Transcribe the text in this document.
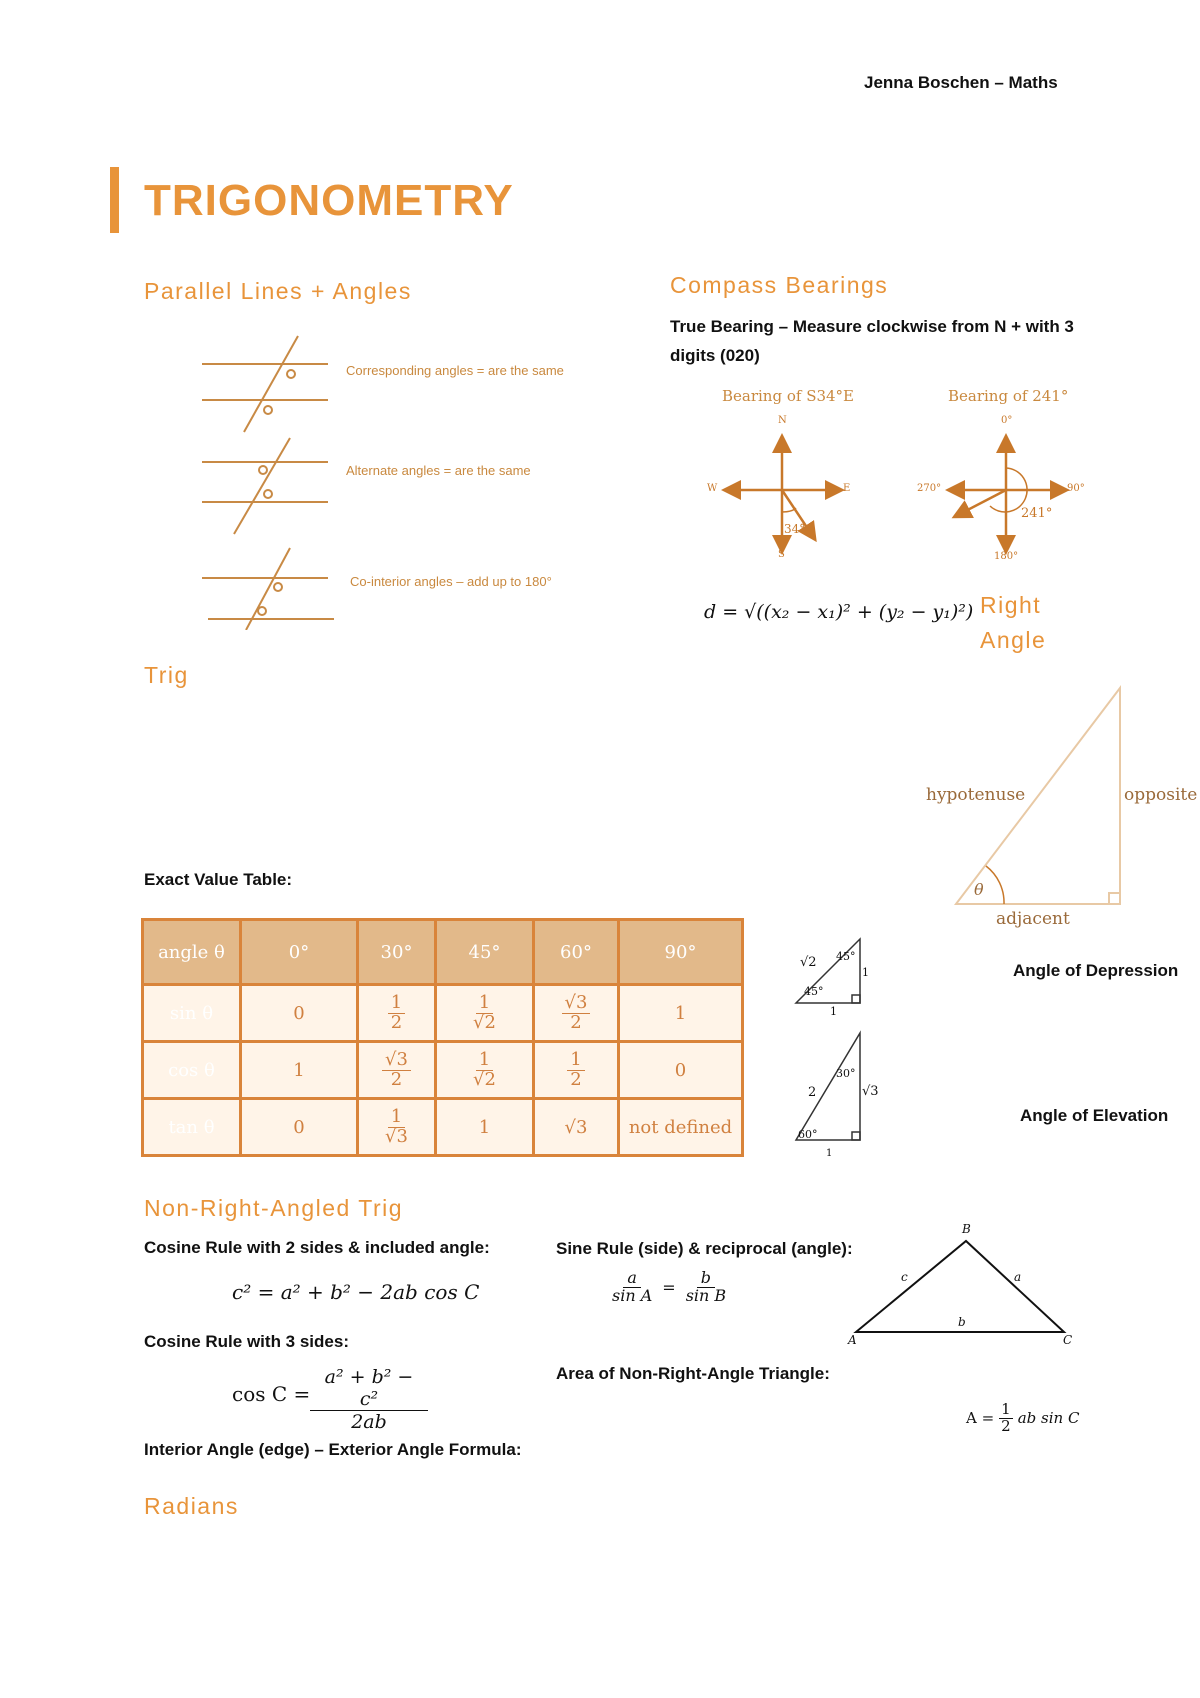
Jenna Boschen – Maths
TRIGONOMETRY
Parallel Lines + Angles
Corresponding angles = are the same
Alternate angles = are the same
Co-interior angles – add up to 180°
Trig
Compass Bearings
True Bearing – Measure clockwise from N + with 3 digits (020)
Bearing of S34°E	Bearing of 241°
N
S
E
W
34°
0°
180°
270°	90°
241°
d = √((x₂ − x₁)² + (y₂ − y₁)²) Right
Angle
hypotenuse	opposite
adjacent
θ
Exact Value Table:
angle θ	0°	30°	45°	60°	90°
sin θ	0	$\frac{1}{2}$	$\frac{1}{√2}$	$\frac{√3}{2}$	1
cos θ	1	$\frac{√3}{2}$	$\frac{1}{√2}$	$\frac{1}{2}$	0
tan θ	0	$\frac{1}{√3}$	1	√3	not defined
√2 45°
45°
1
1
2
30°
60°
√3
1
Angle of Depression
Angle of Elevation
Non-Right-Angled Trig
Cosine Rule with 2 sides & included angle:
c² = a² + b² − 2ab cos C
Cosine Rule with 3 sides:
$\cos C = \frac{\text{a² + b² − c²}}{2ab}$
Interior Angle (edge) – Exterior Angle Formula:
Sine Rule (side) & reciprocal (angle):
$\frac{a}{\text{sin A}} = \frac{b}{\text{sin B}}$
Area of Non-Right-Angle Triangle:
$A = \frac{1}{2}$ ab sin C
B
A	C
c	a
b
Radians
